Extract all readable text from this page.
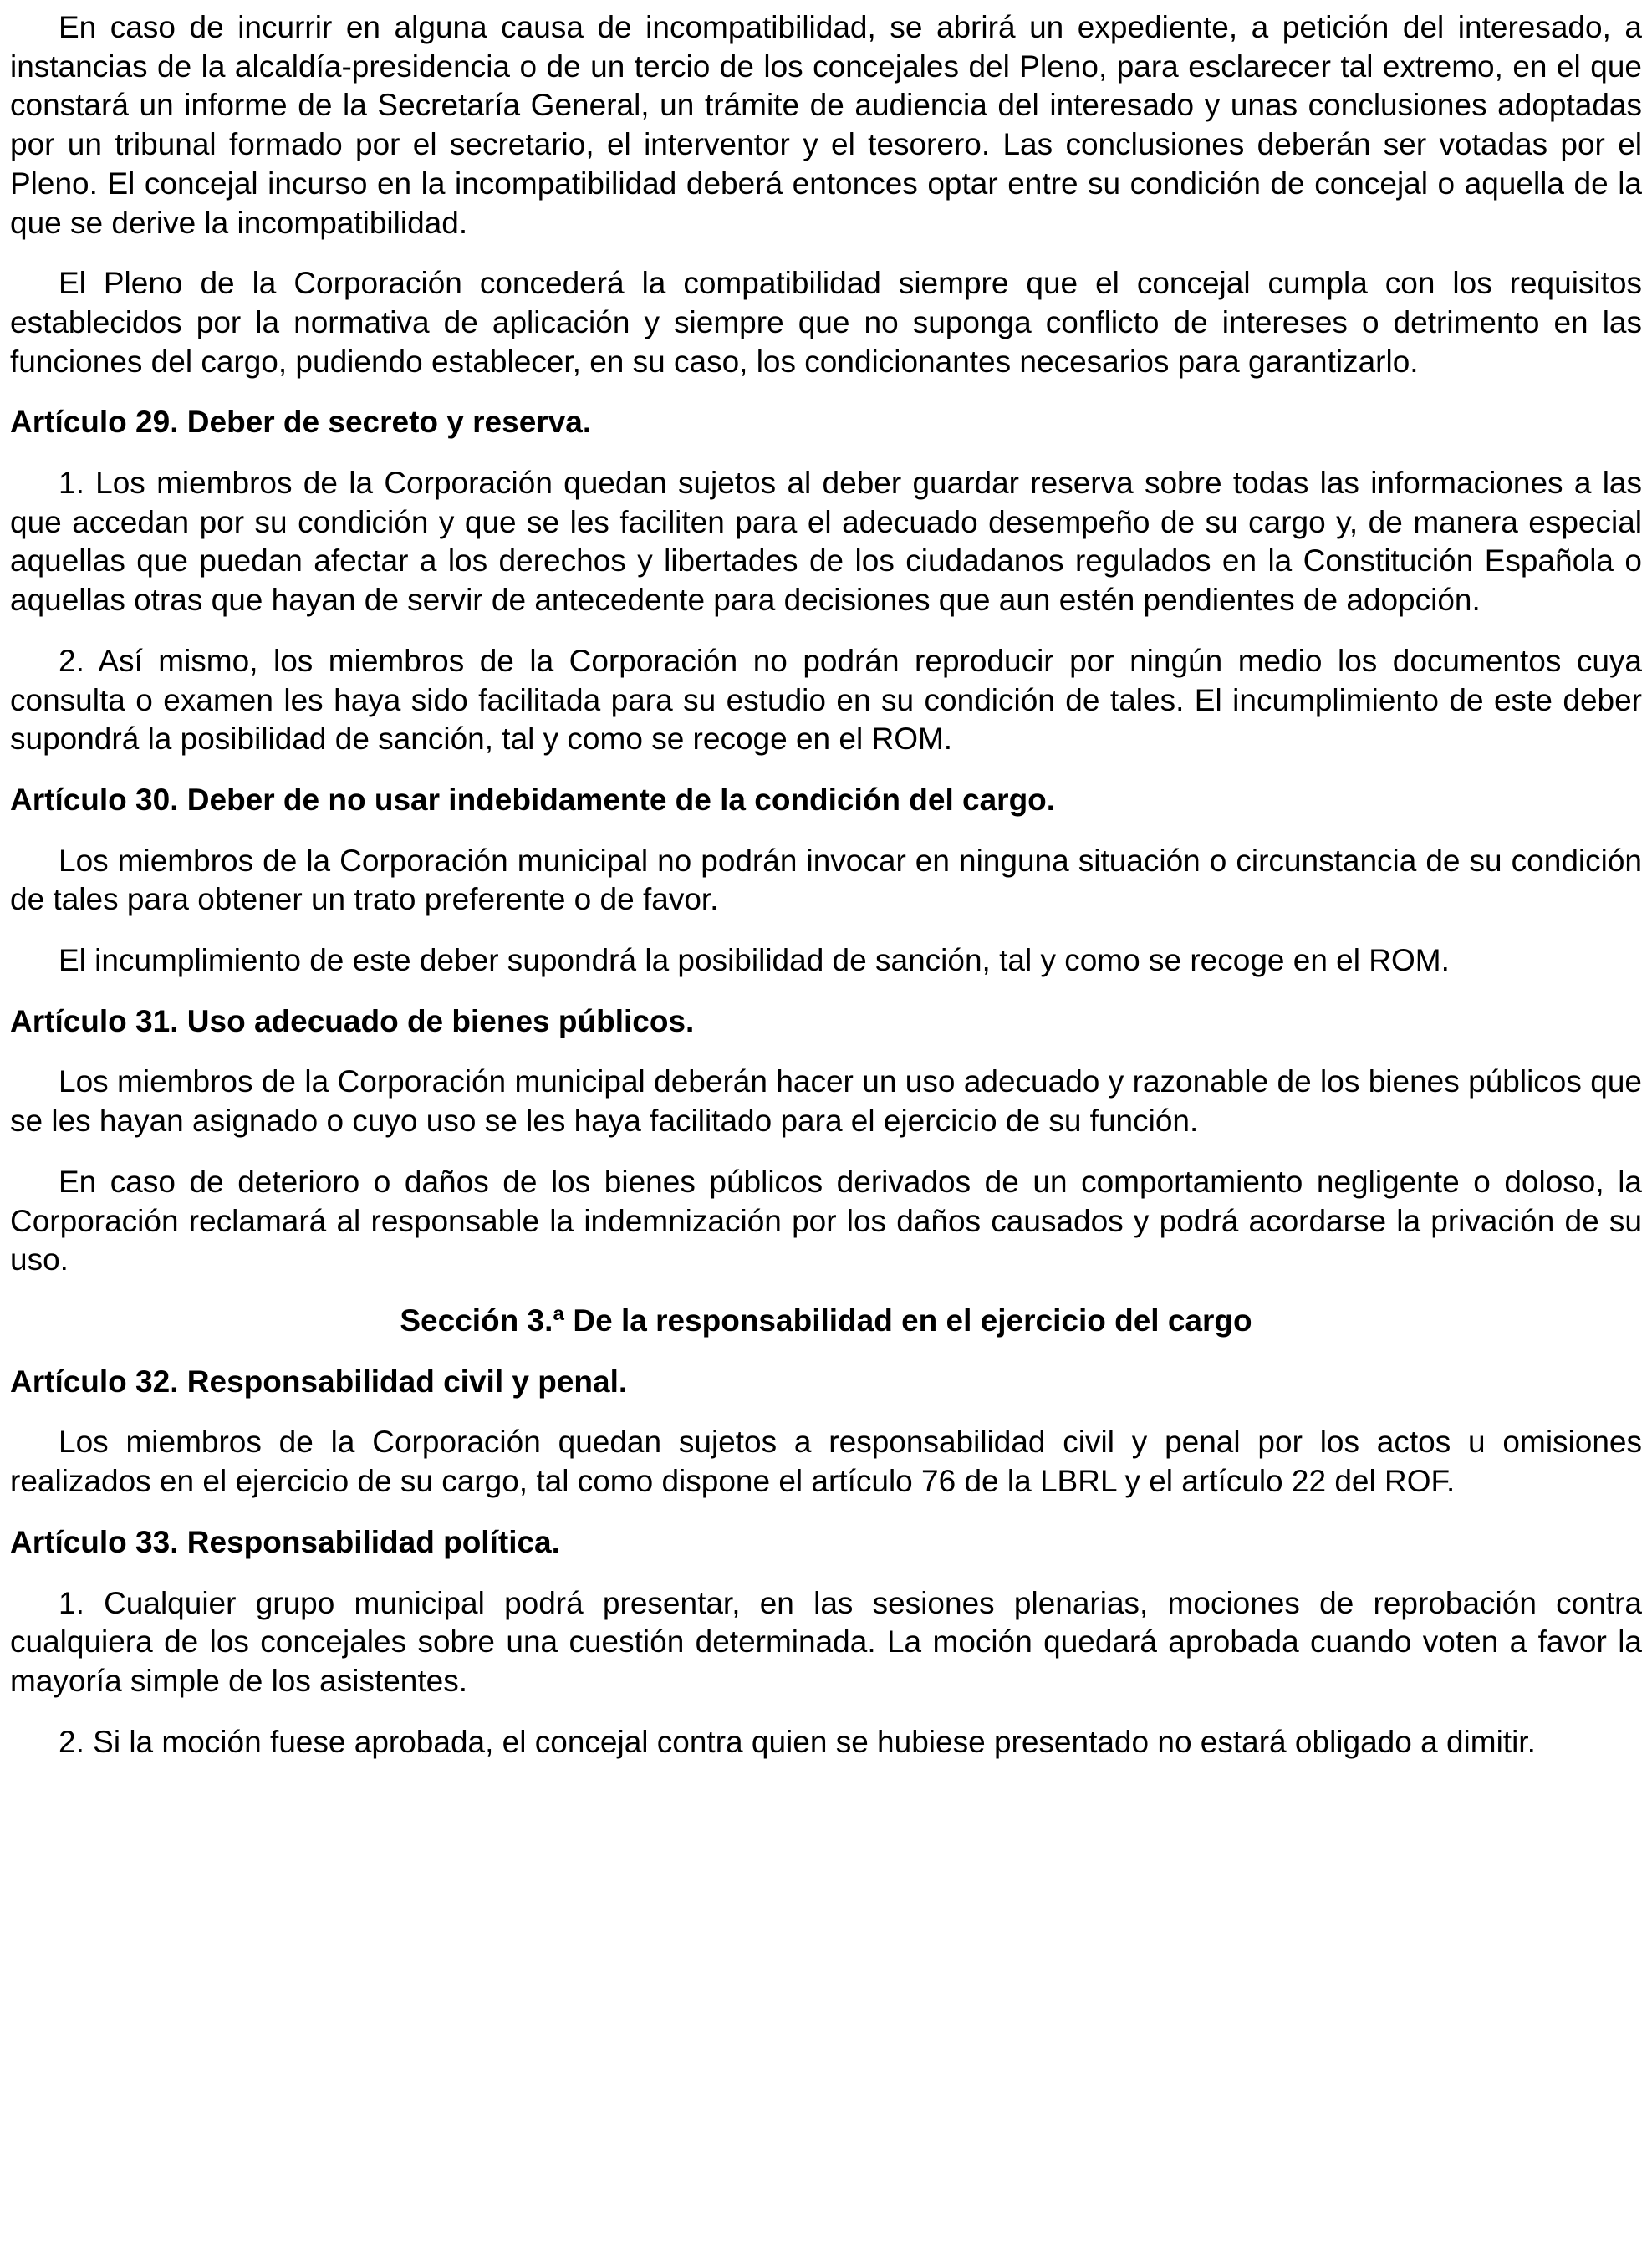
En caso de incurrir en alguna causa de incompatibilidad, se abrirá un expediente, a petición del interesado, a instancias de la alcaldía-presidencia o de un tercio de los concejales del Pleno, para esclarecer tal extremo, en el que constará un informe de la Secretaría General, un trámite de audiencia del interesado y unas conclusiones adoptadas por un tribunal formado por el secretario, el interventor y el tesorero. Las conclusiones deberán ser votadas por el Pleno. El concejal incurso en la incompatibilidad deberá entonces optar entre su condición de concejal o aquella de la que se derive la incompatibilidad.

El Pleno de la Corporación concederá la compatibilidad siempre que el concejal cumpla con los requisitos establecidos por la normativa de aplicación y siempre que no suponga conflicto de intereses o detrimento en las funciones del cargo, pudiendo establecer, en su caso, los condicionantes necesarios para garantizarlo.

Artículo 29. Deber de secreto y reserva.

1. Los miembros de la Corporación quedan sujetos al deber guardar reserva sobre todas las informaciones a las que accedan por su condición y que se les faciliten para el adecuado desempeño de su cargo y, de manera especial aquellas que puedan afectar a los derechos y libertades de los ciudadanos regulados en la Constitución Española o aquellas otras que hayan de servir de antecedente para decisiones que aun estén pendientes de adopción.

2. Así mismo, los miembros de la Corporación no podrán reproducir por ningún medio los documentos cuya consulta o examen les haya sido facilitada para su estudio en su condición de tales. El incumplimiento de este deber supondrá la posibilidad de sanción, tal y como se recoge en el ROM.

Artículo 30. Deber de no usar indebidamente de la condición del cargo.

Los miembros de la Corporación municipal no podrán invocar en ninguna situación o circunstancia de su condición de tales para obtener un trato preferente o de favor.

El incumplimiento de este deber supondrá la posibilidad de sanción, tal y como se recoge en el ROM.

Artículo 31. Uso adecuado de bienes públicos.

Los miembros de la Corporación municipal deberán hacer un uso adecuado y razonable de los bienes públicos que se les hayan asignado o cuyo uso se les haya facilitado para el ejercicio de su función.

En caso de deterioro o daños de los bienes públicos derivados de un comportamiento negligente o doloso, la Corporación reclamará al responsable la indemnización por los daños causados y podrá acordarse la privación de su uso.

Sección 3.ª De la responsabilidad en el ejercicio del cargo
Artículo 32. Responsabilidad civil y penal.

Los miembros de la Corporación quedan sujetos a responsabilidad civil y penal por los actos u omisiones realizados en el ejercicio de su cargo, tal como dispone el artículo 76 de la LBRL y el artículo 22 del ROF.

Artículo 33. Responsabilidad política.

1. Cualquier grupo municipal podrá presentar, en las sesiones plenarias, mociones de reprobación contra cualquiera de los concejales sobre una cuestión determinada. La moción quedará aprobada cuando voten a favor la mayoría simple de los asistentes.

2. Si la moción fuese aprobada, el concejal contra quien se hubiese presentado no estará obligado a dimitir.
